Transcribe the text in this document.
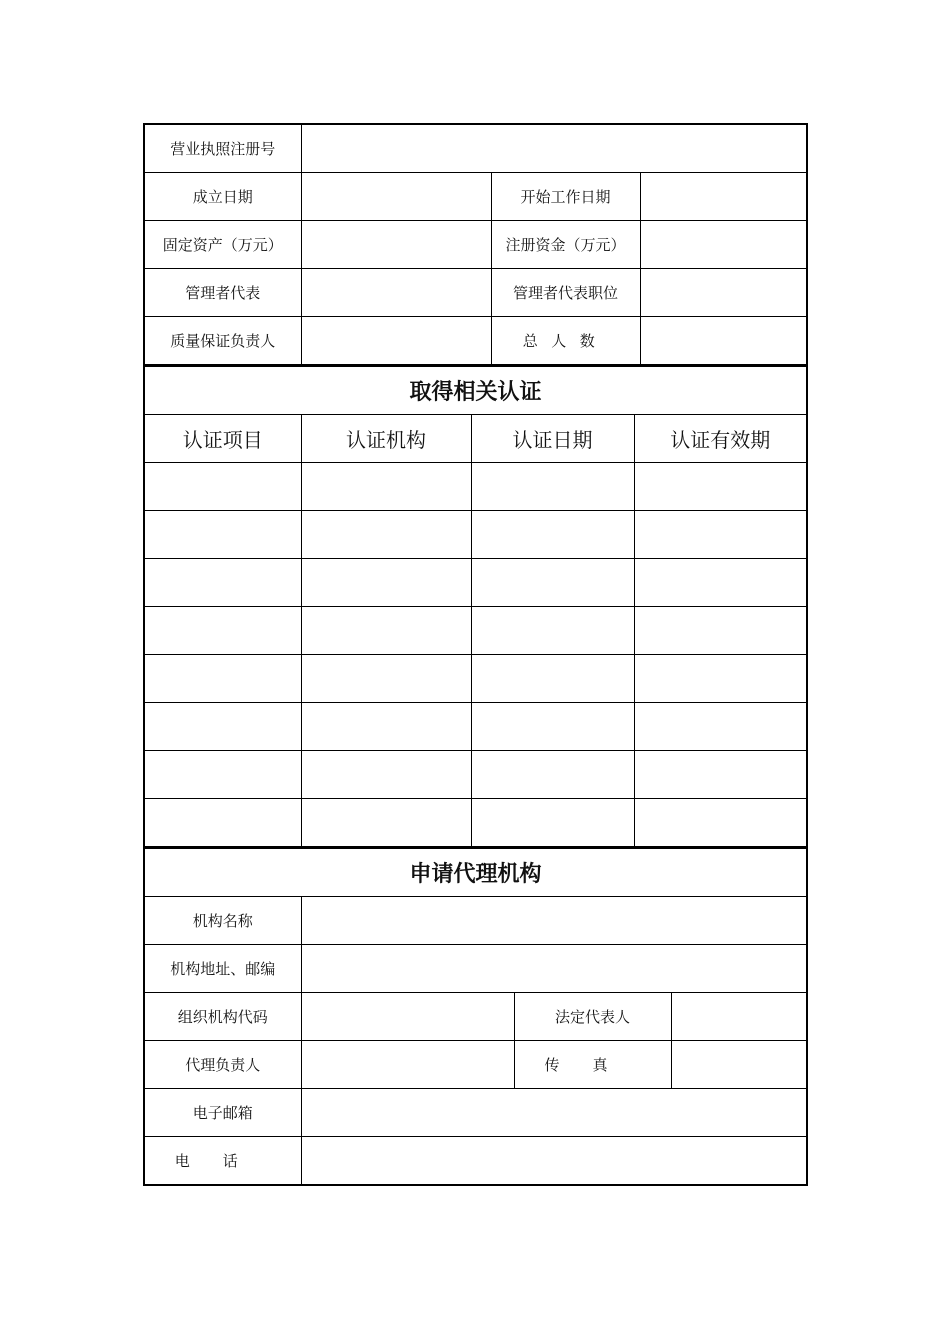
营业执照注册号			
成立日期		开始工作日期	
固定资产（万元）		注册资金（万元）	
管理者代表		管理者代表职位	
质量保证负责人		总人数	
取得相关认证			
认证项目	认证机构	认证日期	认证有效期

申请代理机构			
机构名称			
机构地址、邮编			
组织机构代码		法定代表人	
代理负责人		传真	
电子邮箱			
电话			
